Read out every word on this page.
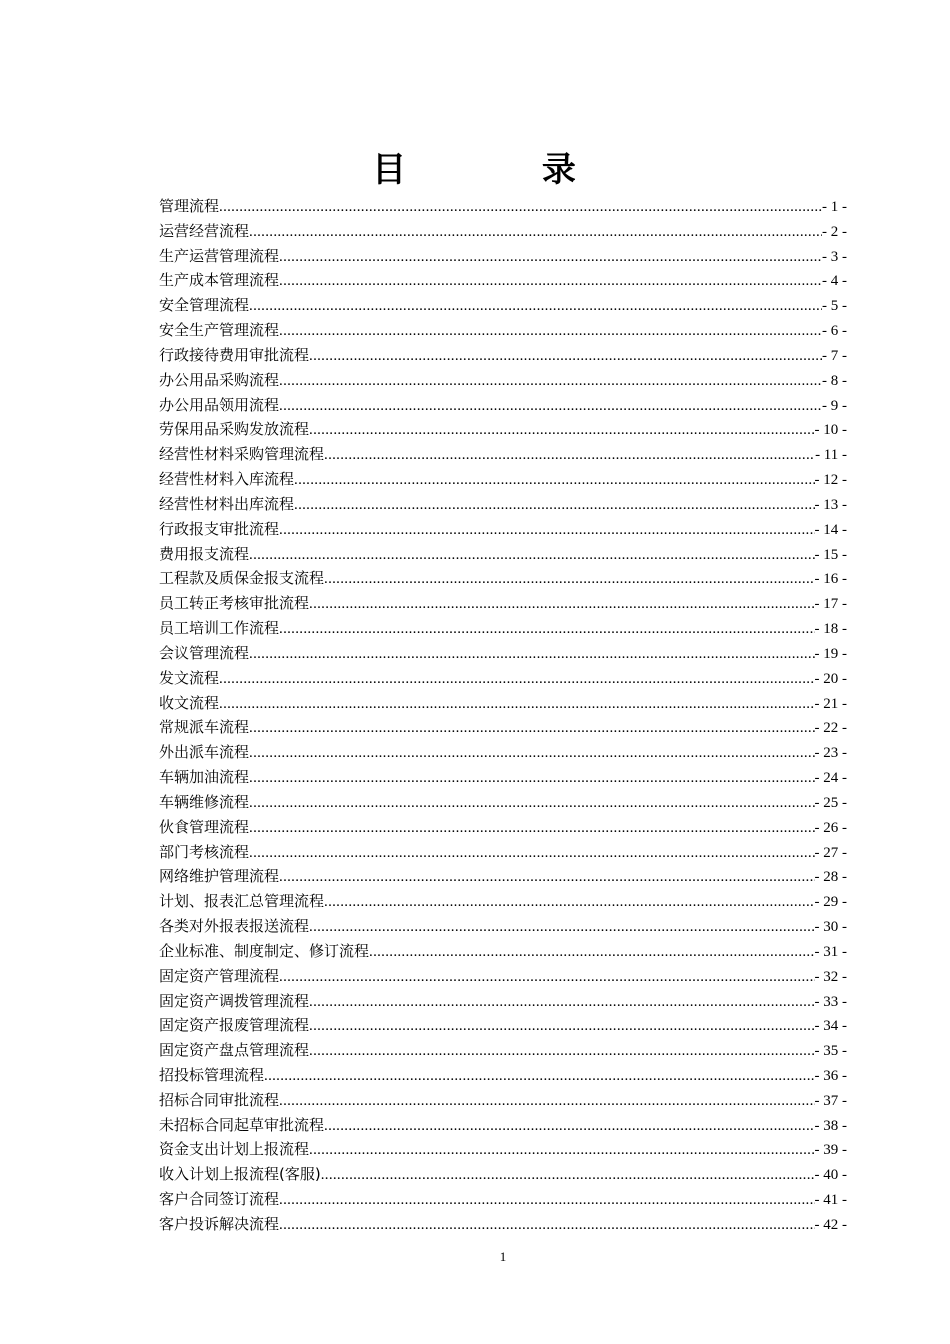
目 录
管理流程 .....	- 1 -
运营经营流程 .....	- 2 -
生产运营管理流程 .....	- 3 -
生产成本管理流程 .....	- 4 -
安全管理流程 .....	- 5 -
安全生产管理流程 .....	- 6 -
行政接待费用审批流程 .....	- 7 -
办公用品采购流程 .....	- 8 -
办公用品领用流程 .....	- 9 -
劳保用品采购发放流程 .....	- 10 -
经营性材料采购管理流程 .....	- 11 -
经营性材料入库流程 .....	- 12 -
经营性材料出库流程 .....	- 13 -
行政报支审批流程 .....	- 14 -
费用报支流程 .....	- 15 -
工程款及质保金报支流程 .....	- 16 -
员工转正考核审批流程 .....	- 17 -
员工培训工作流程 .....	- 18 -
会议管理流程 .....	- 19 -
发文流程 .....	- 20 -
收文流程 .....	- 21 -
常规派车流程 .....	- 22 -
外出派车流程 .....	- 23 -
车辆加油流程 .....	- 24 -
车辆维修流程 .....	- 25 -
伙食管理流程 .....	- 26 -
部门考核流程 .....	- 27 -
网络维护管理流程 .....	- 28 -
计划、报表汇总管理流程 .....	- 29 -
各类对外报表报送流程 .....	- 30 -
企业标准、制度制定、修订流程 .....	- 31 -
固定资产管理流程 .....	- 32 -
固定资产调拨管理流程 .....	- 33 -
固定资产报废管理流程 .....	- 34 -
固定资产盘点管理流程 .....	- 35 -
招投标管理流程 .....	- 36 -
招标合同审批流程 .....	- 37 -
未招标合同起草审批流程 .....	- 38 -
资金支出计划上报流程 .....	- 39 -
收入计划上报流程(客服) .....	- 40 -
客户合同签订流程 .....	- 41 -
客户投诉解决流程 .....	- 42 -
1
